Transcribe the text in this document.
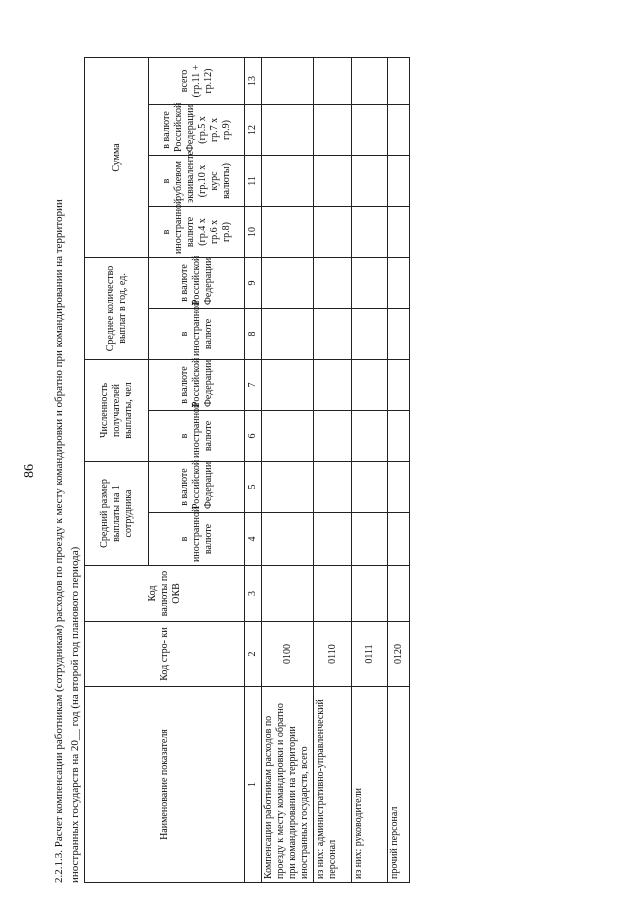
86 2.2.1.3. Расчет компенсации работникам (сотрудникам) расходов по проезду к месту командировки и обратно при командировании на территории иностранных государств на 20__ год (на второй год планового периода)	Наименование показателя	Код стро- ки	Код валюты по ОКВ	Средний размер выплаты на 1 сотрудника		Численность получателей выплаты, чел		Среднее количество выплат в год, ед.		Сумма			
			в иностранной валюте	в валюте Российской Федерации	в иностранной валюте	в валюте Российской Федерации	в иностранной валюте	в валюте Российской Федерации	в иностранной валюте (гр.4 x гр.6 x гр.8)	в рублевом эквиваленте (гр.10 x курс валюты)	в валюте Российской Федерации (гр.5 x гр.7 x гр.9)	всего (гр.11 + гр.12)
1	2	3	4	5	6	7	8	9	10	11	12	13
Компенсации работникам расходов по проезду к месту командировки и обратно при командировании на территории иностранных государств, всего	0100											
из них: административно-управленческий персонал	0110											
из них: руководители	0111											
прочий персонал	0120											
